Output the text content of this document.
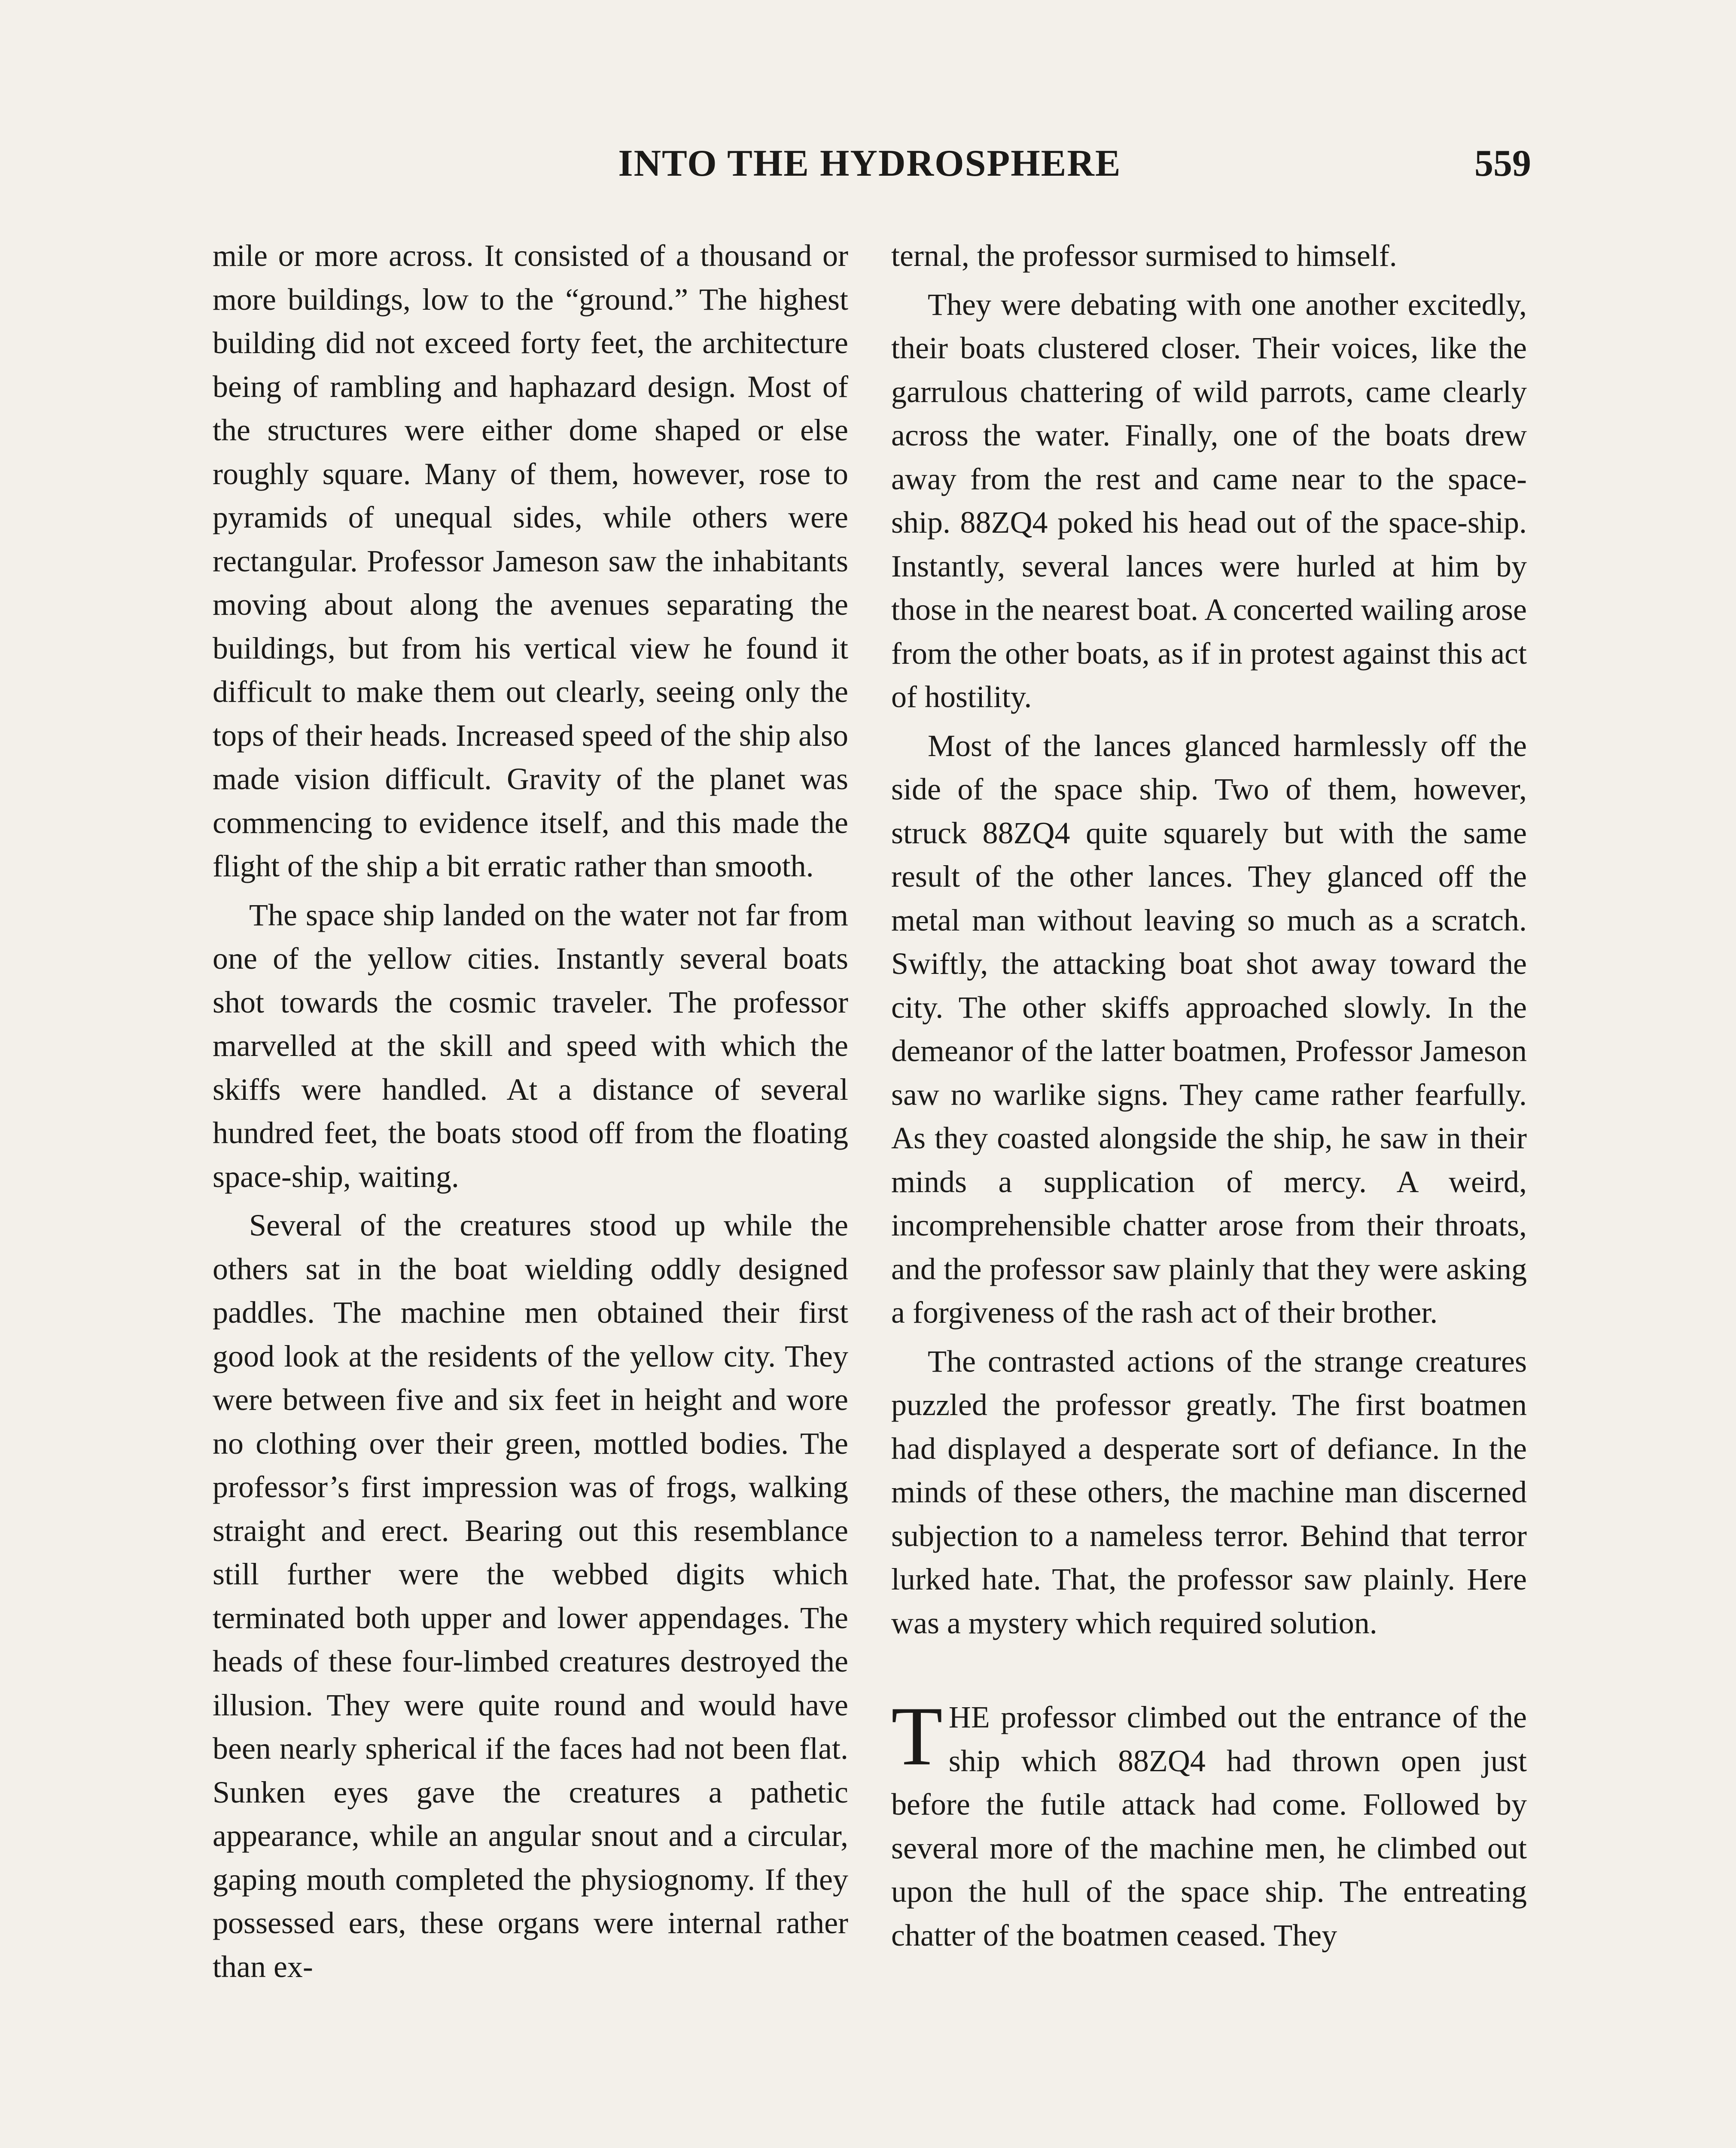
INTO THE HYDROSPHERE	559

mile or more across. It consisted of a thousand or more buildings, low to the “ground.” The highest building did not exceed forty feet, the architecture being of rambling and haphazard design. Most of the structures were either dome shaped or else roughly square. Many of them, however, rose to pyramids of unequal sides, while others were rectangular. Professor Jameson saw the inhabitants moving about along the avenues separating the buildings, but from his vertical view he found it difficult to make them out clearly, seeing only the tops of their heads. Increased speed of the ship also made vision difficult. Gravity of the planet was commencing to evidence itself, and this made the flight of the ship a bit erratic rather than smooth.

The space ship landed on the water not far from one of the yellow cities. Instantly several boats shot towards the cosmic traveler. The professor marvelled at the skill and speed with which the skiffs were handled. At a distance of several hundred feet, the boats stood off from the floating space-ship, waiting.

Several of the creatures stood up while the others sat in the boat wielding oddly designed paddles. The machine men obtained their first good look at the residents of the yellow city. They were between five and six feet in height and wore no clothing over their green, mottled bodies. The professor’s first impression was of frogs, walking straight and erect. Bearing out this resemblance still further were the webbed digits which terminated both upper and lower appendages. The heads of these four-limbed creatures destroyed the illusion. They were quite round and would have been nearly spherical if the faces had not been flat. Sunken eyes gave the creatures a pathetic appearance, while an angular snout and a circular, gaping mouth completed the physiognomy. If they possessed ears, these organs were internal rather than ex-

ternal, the professor surmised to himself.

They were debating with one another excitedly, their boats clustered closer. Their voices, like the garrulous chattering of wild parrots, came clearly across the water. Finally, one of the boats drew away from the rest and came near to the space-ship. 88ZQ4 poked his head out of the space-ship. Instantly, several lances were hurled at him by those in the nearest boat. A concerted wailing arose from the other boats, as if in protest against this act of hostility.

Most of the lances glanced harmlessly off the side of the space ship. Two of them, however, struck 88ZQ4 quite squarely but with the same result of the other lances. They glanced off the metal man without leaving so much as a scratch. Swiftly, the attacking boat shot away toward the city. The other skiffs approached slowly. In the demeanor of the latter boatmen, Professor Jameson saw no warlike signs. They came rather fearfully. As they coasted alongside the ship, he saw in their minds a supplication of mercy. A weird, incomprehensible chatter arose from their throats, and the professor saw plainly that they were asking a forgiveness of the rash act of their brother.

The contrasted actions of the strange creatures puzzled the professor greatly. The first boatmen had displayed a desperate sort of defiance. In the minds of these others, the machine man discerned subjection to a nameless terror. Behind that terror lurked hate. That, the professor saw plainly. Here was a mystery which required solution.

THE professor climbed out the entrance of the ship which 88ZQ4 had thrown open just before the futile attack had come. Followed by several more of the machine men, he climbed out upon the hull of the space ship. The entreating chatter of the boatmen ceased. They
